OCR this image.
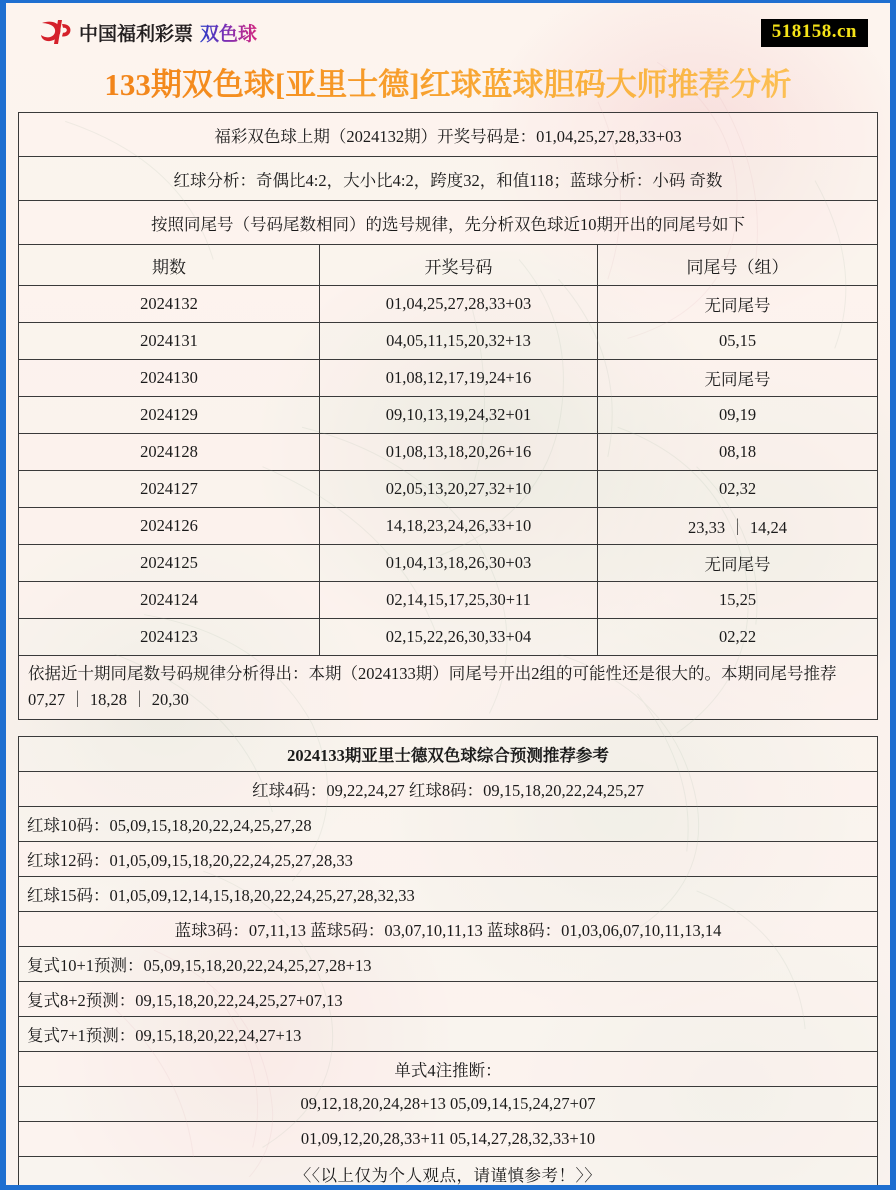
中国福利彩票 双色球	518158.cn
133期双色球[亚里士德]红球蓝球胆码大师推荐分析
福彩双色球上期（2024132期）开奖号码是：01,04,25,27,28,33+03
红球分析：奇偶比4:2，大小比4:2，跨度32，和值118；蓝球分析：小码 奇数
按照同尾号（号码尾数相同）的选号规律，先分析双色球近10期开出的同尾号如下
期数	开奖号码	同尾号（组）
2024132	01,04,25,27,28,33+03	无同尾号
2024131	04,05,11,15,20,32+13	05,15
2024130	01,08,12,17,19,24+16	无同尾号
2024129	09,10,13,19,24,32+01	09,19
2024128	01,08,13,18,20,26+16	08,18
2024127	02,05,13,20,27,32+10	02,32
2024126	14,18,23,24,26,33+10	23,33 ｜ 14,24
2024125	01,04,13,18,26,30+03	无同尾号
2024124	02,14,15,17,25,30+11	15,25
2024123	02,15,22,26,30,33+04	02,22
依据近十期同尾数号码规律分析得出：本期（2024133期）同尾号开出2组的可能性还是很大的。本期同尾号推荐07,27 ｜ 18,28 ｜ 20,30
2024133期亚里士德双色球综合预测推荐参考
红球4码：09,22,24,27 红球8码：09,15,18,20,22,24,25,27
红球10码：05,09,15,18,20,22,24,25,27,28
红球12码：01,05,09,15,18,20,22,24,25,27,28,33
红球15码：01,05,09,12,14,15,18,20,22,24,25,27,28,32,33
蓝球3码：07,11,13 蓝球5码：03,07,10,11,13 蓝球8码：01,03,06,07,10,11,13,14
复式10+1预测：05,09,15,18,20,22,24,25,27,28+13
复式8+2预测：09,15,18,20,22,24,25,27+07,13
复式7+1预测：09,15,18,20,22,24,27+13
单式4注推断：
09,12,18,20,24,28+13 05,09,14,15,24,27+07
01,09,12,20,28,33+11 05,14,27,28,32,33+10
〈〈以上仅为个人观点，请谨慎参考！〉〉
